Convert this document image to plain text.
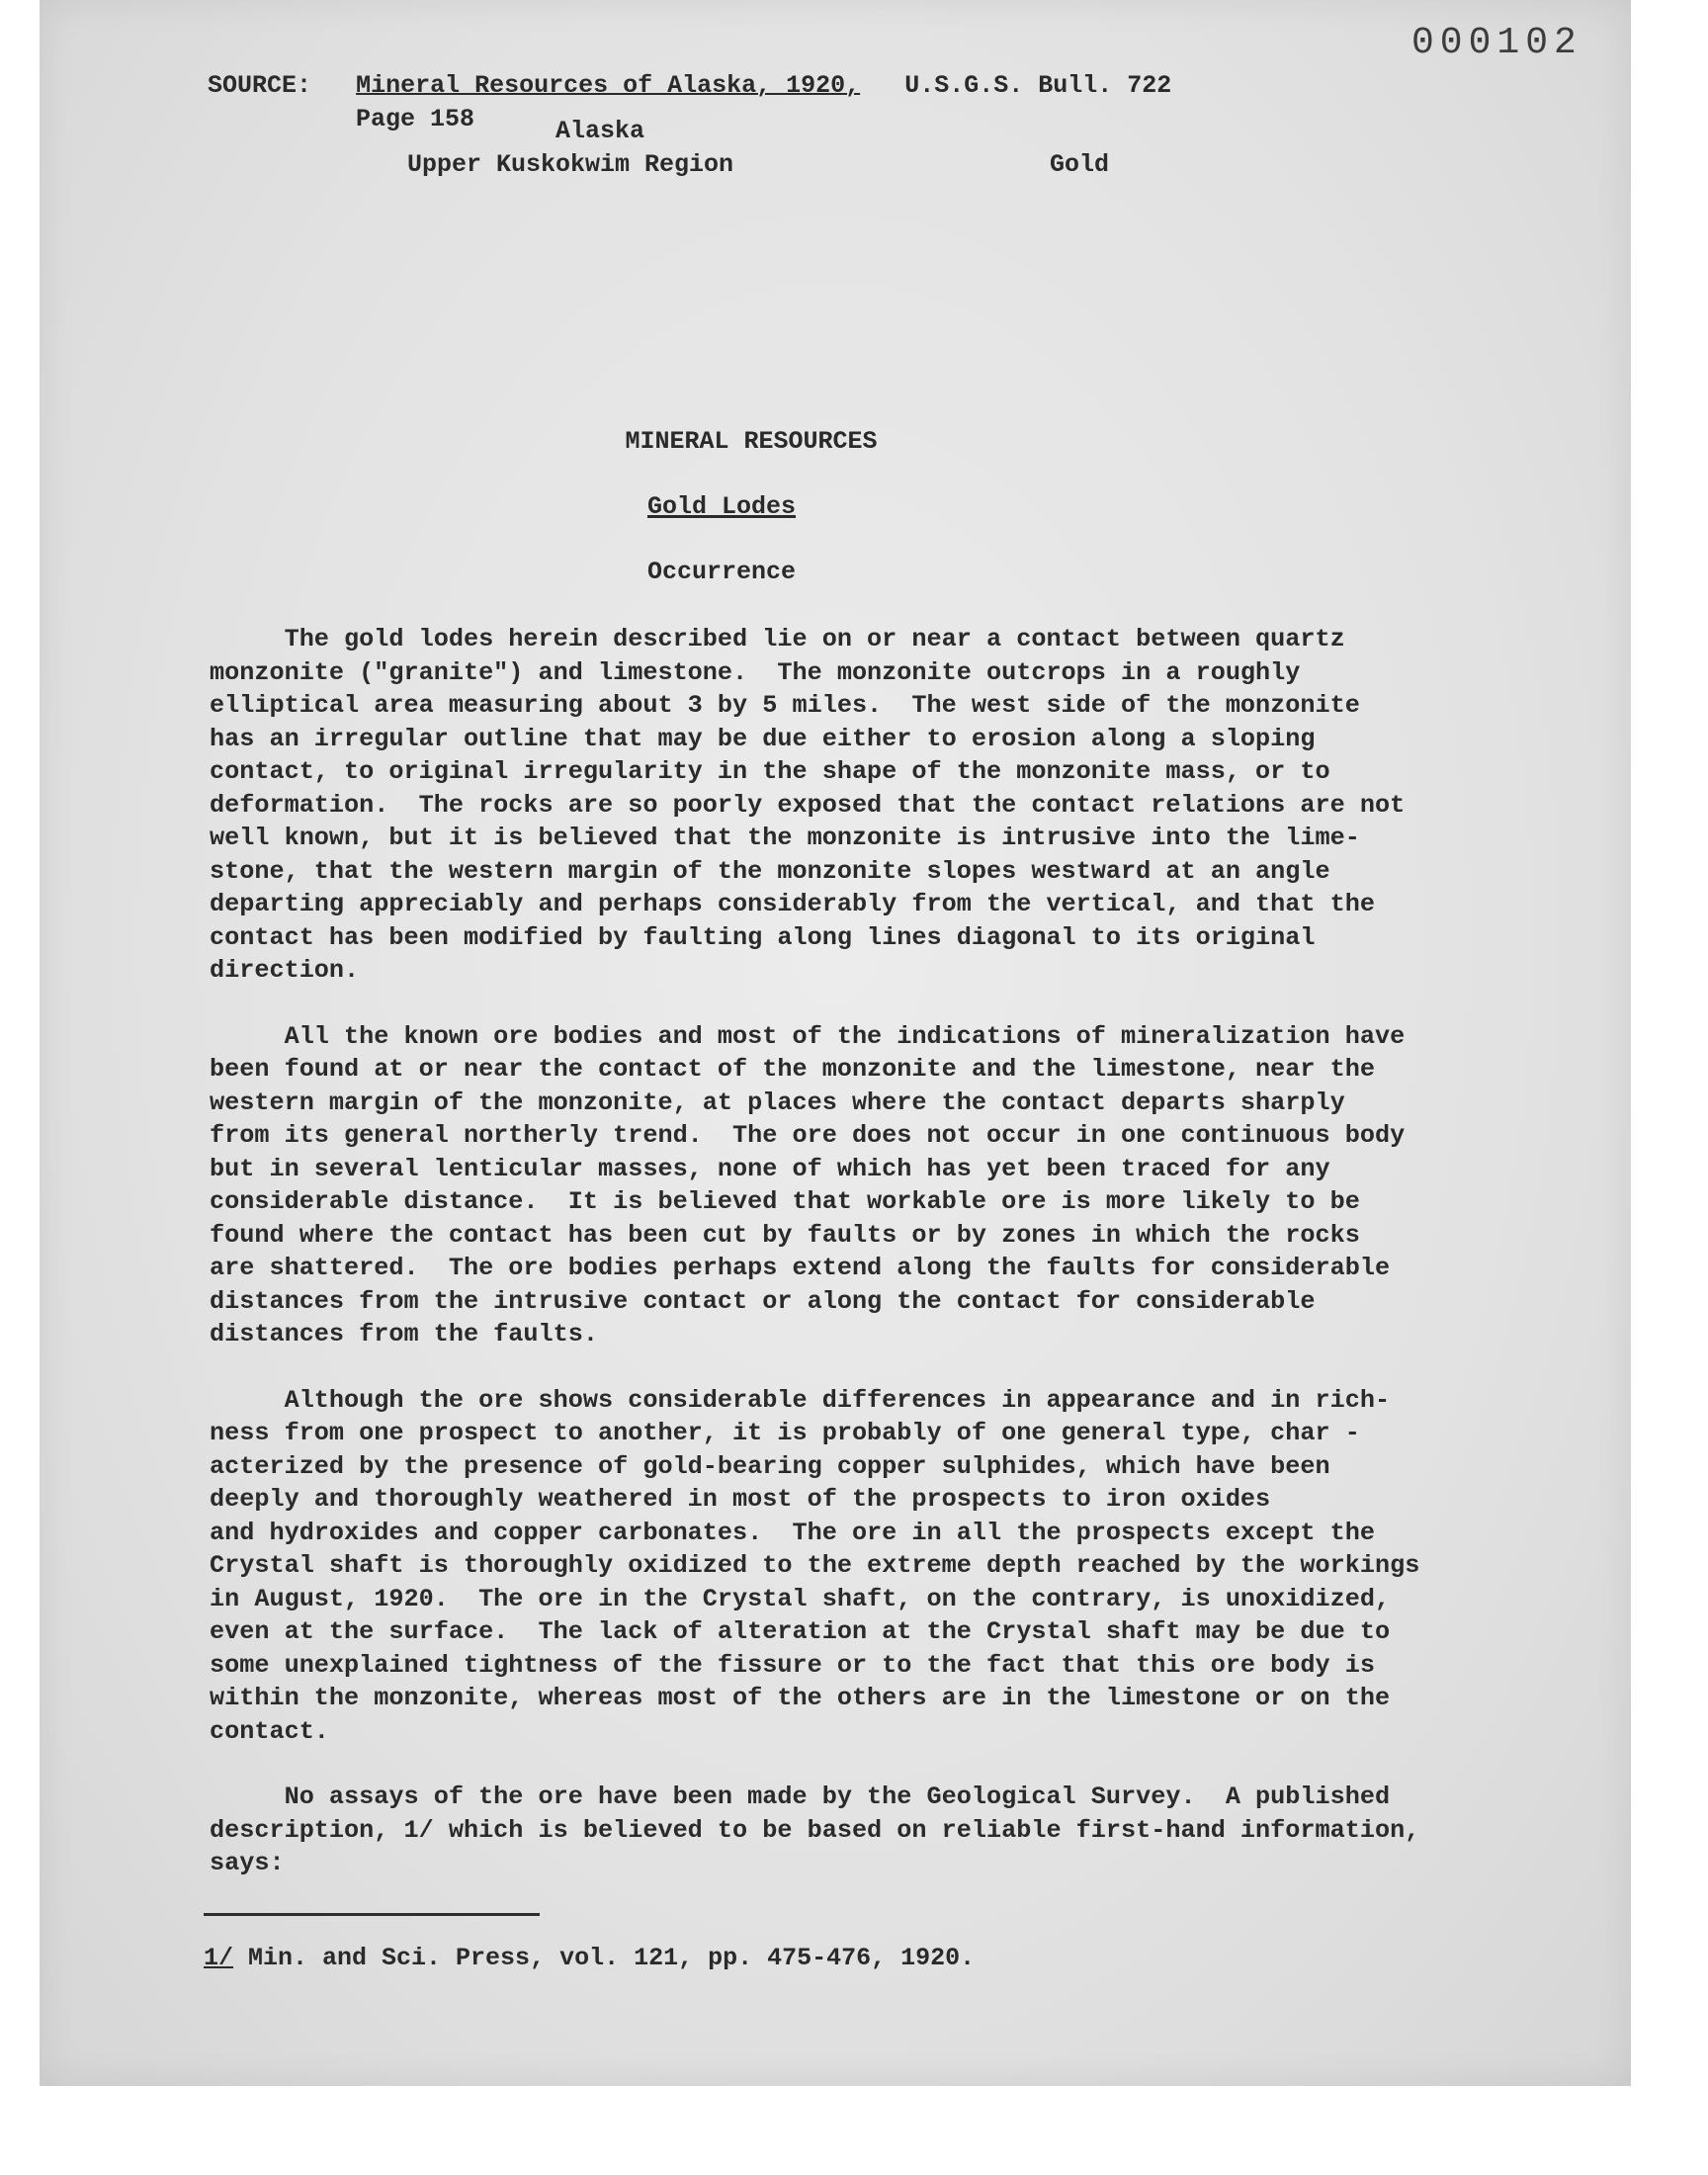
000102
SOURCE: Mineral Resources of Alaska, 1920, U.S.G.S. Bull. 722
Page 158	Alaska
Upper Kuskokwim Region	Gold
MINERAL RESOURCES
Gold Lodes
Occurrence
The gold lodes herein described lie on or near a contact between quartz
monzonite ("granite") and limestone.  The monzonite outcrops in a roughly
elliptical area measuring about 3 by 5 miles.  The west side of the monzonite
has an irregular outline that may be due either to erosion along a sloping
contact, to original irregularity in the shape of the monzonite mass, or to
deformation.  The rocks are so poorly exposed that the contact relations are not
well known, but it is believed that the monzonite is intrusive into the lime-
stone, that the western margin of the monzonite slopes westward at an angle
departing appreciably and perhaps considerably from the vertical, and that the
contact has been modified by faulting along lines diagonal to its original
direction.
All the known ore bodies and most of the indications of mineralization have
been found at or near the contact of the monzonite and the limestone, near the
western margin of the monzonite, at places where the contact departs sharply
from its general northerly trend.  The ore does not occur in one continuous body
but in several lenticular masses, none of which has yet been traced for any
considerable distance.  It is believed that workable ore is more likely to be
found where the contact has been cut by faults or by zones in which the rocks
are shattered.  The ore bodies perhaps extend along the faults for considerable
distances from the intrusive contact or along the contact for considerable
distances from the faults.
Although the ore shows considerable differences in appearance and in rich-
ness from one prospect to another, it is probably of one general type, char -
acterized by the presence of gold-bearing copper sulphides, which have been
deeply and thoroughly weathered in most of the prospects to iron oxides
and hydroxides and copper carbonates.  The ore in all the prospects except the
Crystal shaft is thoroughly oxidized to the extreme depth reached by the workings
in August, 1920.  The ore in the Crystal shaft, on the contrary, is unoxidized,
even at the surface.  The lack of alteration at the Crystal shaft may be due to
some unexplained tightness of the fissure or to the fact that this ore body is
within the monzonite, whereas most of the others are in the limestone or on the
contact.
No assays of the ore have been made by the Geological Survey.  A published
description, 1/ which is believed to be based on reliable first-hand information,
says:
1/ Min. and Sci. Press, vol. 121, pp. 475-476, 1920.
